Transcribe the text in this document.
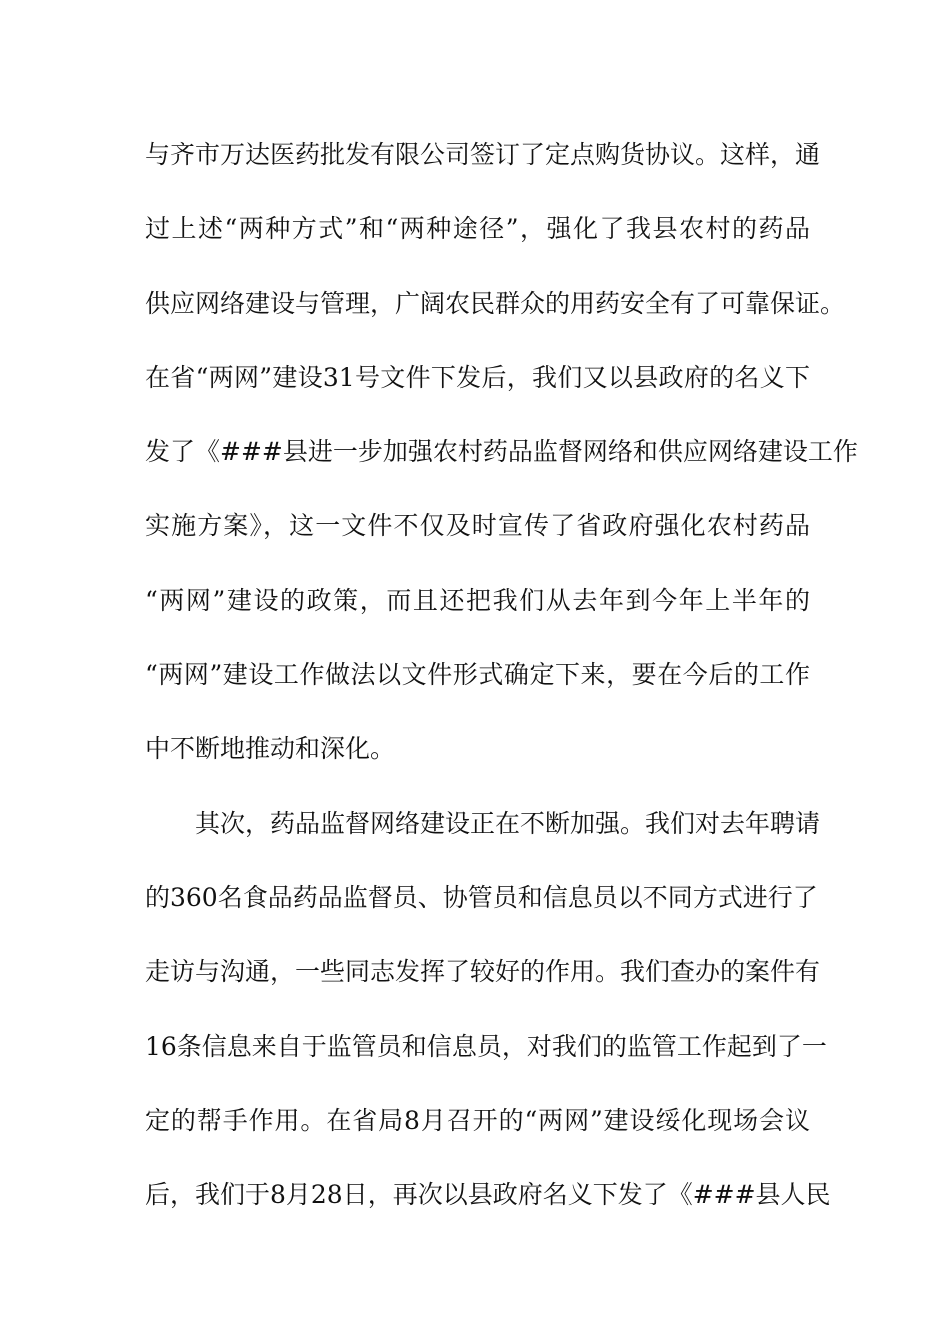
与齐市万达医药批发有限公司签订了定点购货协议。这样，通
过上述“两种方式”和“两种途径”，强化了我县农村的药品
供应网络建设与管理，广阔农民群众的用药安全有了可靠保证。
在省“两网”建设31号文件下发后，我们又以县政府的名义下
发了《###县进一步加强农村药品监督网络和供应网络建设工作
实施方案》，这一文件不仅及时宣传了省政府强化农村药品
“两网”建设的政策，而且还把我们从去年到今年上半年的
“两网”建设工作做法以文件形式确定下来，要在今后的工作
中不断地推动和深化。
其次，药品监督网络建设正在不断加强。我们对去年聘请
的360名食品药品监督员、协管员和信息员以不同方式进行了
走访与沟通，一些同志发挥了较好的作用。我们查办的案件有
16条信息来自于监管员和信息员，对我们的监管工作起到了一
定的帮手作用。在省局8月召开的“两网”建设绥化现场会议
后，我们于8月28日，再次以县政府名义下发了《###县人民
